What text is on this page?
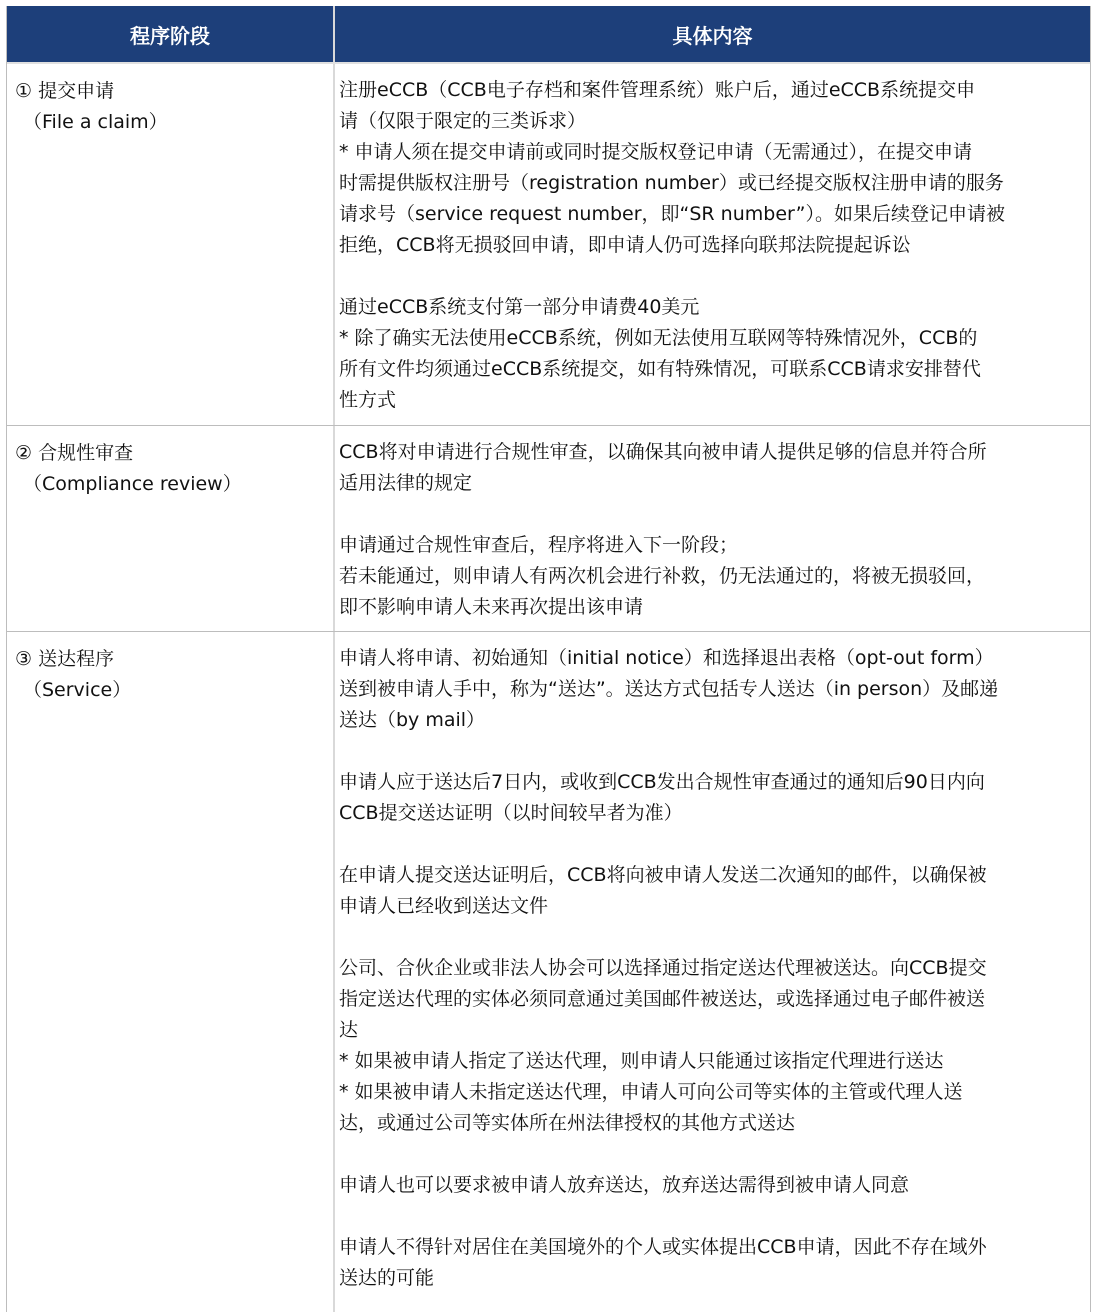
程序阶段	具体内容
① 提交申请
（File a claim）

注册eCCB（CCB电子存档和案件管理系统）账户后，通过eCCB系统提交申
请（仅限于限定的三类诉求）
* 申请人须在提交申请前或同时提交版权登记申请（无需通过），在提交申请
时需提供版权注册号（registration number）或已经提交版权注册申请的服务
请求号（service request number，即“SR number”）。如果后续登记申请被
拒绝，CCB将无损驳回申请，即申请人仍可选择向联邦法院提起诉讼

通过eCCB系统支付第一部分申请费40美元
* 除了确实无法使用eCCB系统，例如无法使用互联网等特殊情况外，CCB的
所有文件均须通过eCCB系统提交，如有特殊情况，可联系CCB请求安排替代
性方式

② 合规性审查
（Compliance review）

CCB将对申请进行合规性审查，以确保其向被申请人提供足够的信息并符合所
适用法律的规定

申请通过合规性审查后，程序将进入下一阶段；
若未能通过，则申请人有两次机会进行补救，仍无法通过的，将被无损驳回，
即不影响申请人未来再次提出该申请

③ 送达程序
（Service）

申请人将申请、初始通知（initial notice）和选择退出表格（opt-out form）
送到被申请人手中，称为“送达”。送达方式包括专人送达（in person）及邮递
送达（by mail）

申请人应于送达后7日内，或收到CCB发出合规性审查通过的通知后90日内向
CCB提交送达证明（以时间较早者为准）

在申请人提交送达证明后，CCB将向被申请人发送二次通知的邮件，以确保被
申请人已经收到送达文件

公司、合伙企业或非法人协会可以选择通过指定送达代理被送达。向CCB提交
指定送达代理的实体必须同意通过美国邮件被送达，或选择通过电子邮件被送
达
* 如果被申请人指定了送达代理，则申请人只能通过该指定代理进行送达
* 如果被申请人未指定送达代理，申请人可向公司等实体的主管或代理人送
达，或通过公司等实体所在州法律授权的其他方式送达

申请人也可以要求被申请人放弃送达，放弃送达需得到被申请人同意

申请人不得针对居住在美国境外的个人或实体提出CCB申请，因此不存在域外
送达的可能
